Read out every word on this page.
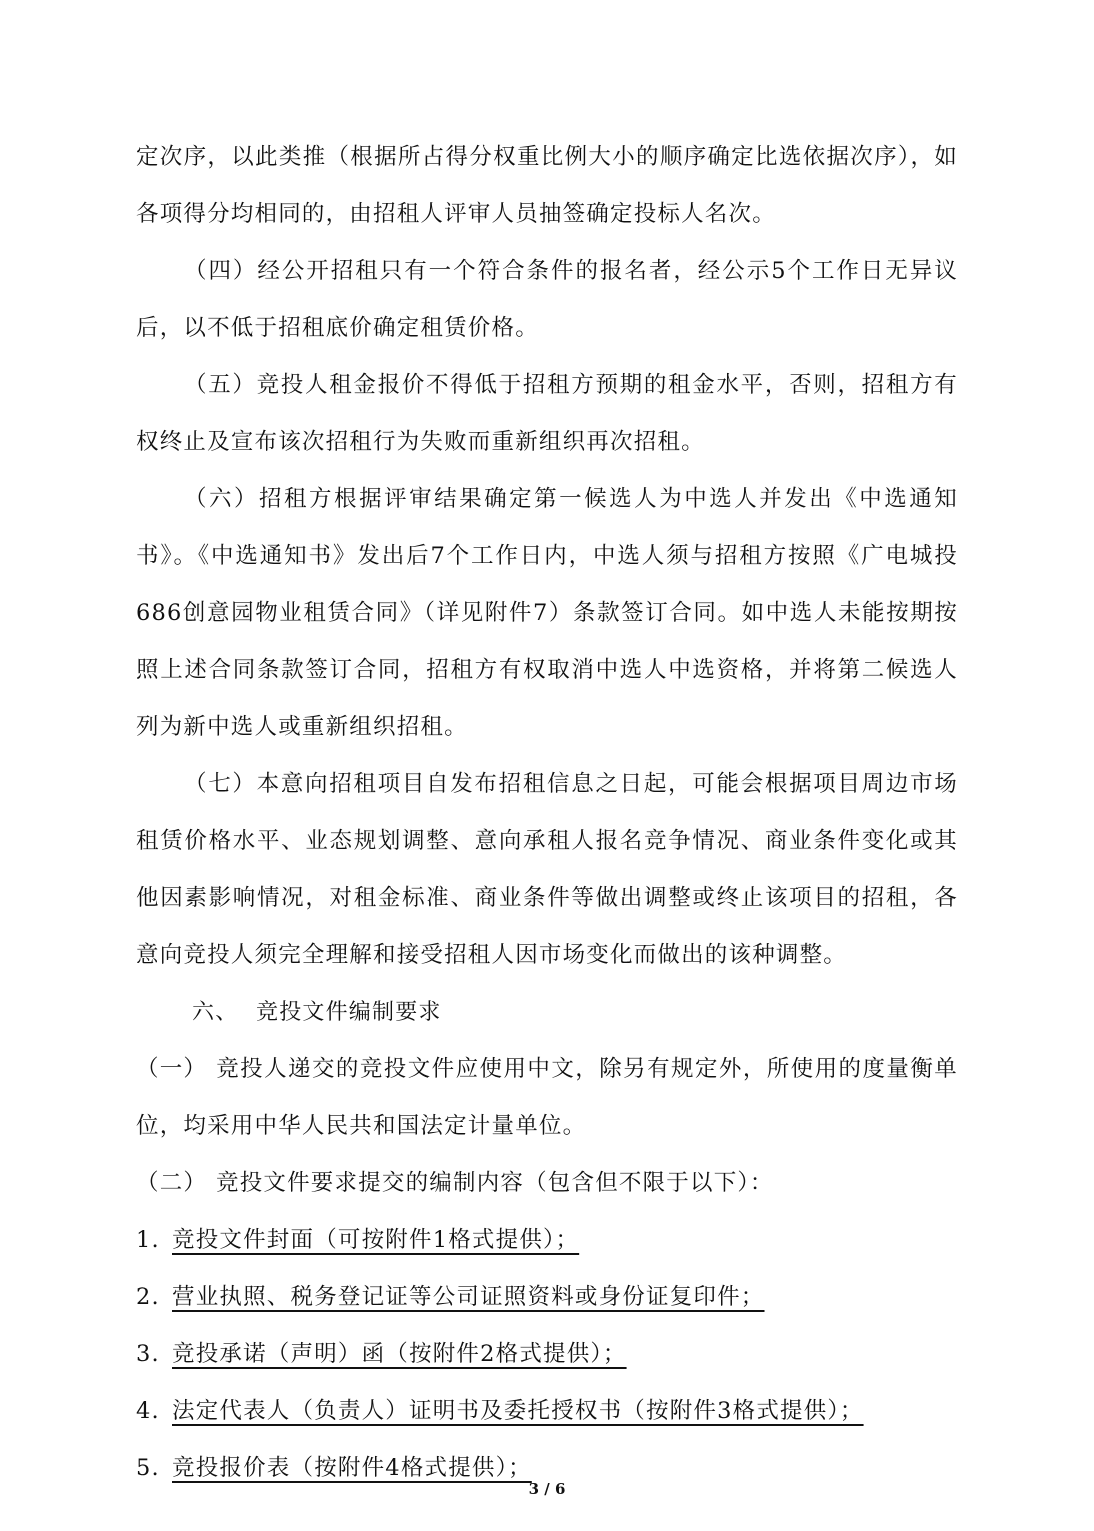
定次序，以此类推（根据所占得分权重比例大小的顺序确定比选依据次序），如各项得分均相同的，由招租人评审人员抽签确定投标人名次。

（四）经公开招租只有一个符合条件的报名者，经公示5个工作日无异议后，以不低于招租底价确定租赁价格。

（五）竞投人租金报价不得低于招租方预期的租金水平，否则，招租方有权终止及宣布该次招租行为失败而重新组织再次招租。

（六）招租方根据评审结果确定第一候选人为中选人并发出《中选通知书》。《中选通知书》发出后7个工作日内，中选人须与招租方按照《广电城投686创意园物业租赁合同》（详见附件7）条款签订合同。如中选人未能按期按照上述合同条款签订合同，招租方有权取消中选人中选资格，并将第二候选人列为新中选人或重新组织招租。

（七）本意向招租项目自发布招租信息之日起，可能会根据项目周边市场租赁价格水平、业态规划调整、意向承租人报名竞争情况、商业条件变化或其他因素影响情况，对租金标准、商业条件等做出调整或终止该项目的招租，各意向竞投人须完全理解和接受招租人因市场变化而做出的该种调整。

六、 竞投文件编制要求

（一） 竞投人递交的竞投文件应使用中文，除另有规定外，所使用的度量衡单位，均采用中华人民共和国法定计量单位。

（二） 竞投文件要求提交的编制内容（包含但不限于以下）：

1. 竞投文件封面（可按附件1格式提供）；

2. 营业执照、税务登记证等公司证照资料或身份证复印件；

3. 竞投承诺（声明）函（按附件2格式提供）；

4. 法定代表人（负责人）证明书及委托授权书（按附件3格式提供）；

5. 竞投报价表（按附件4格式提供）；

3 / 6
